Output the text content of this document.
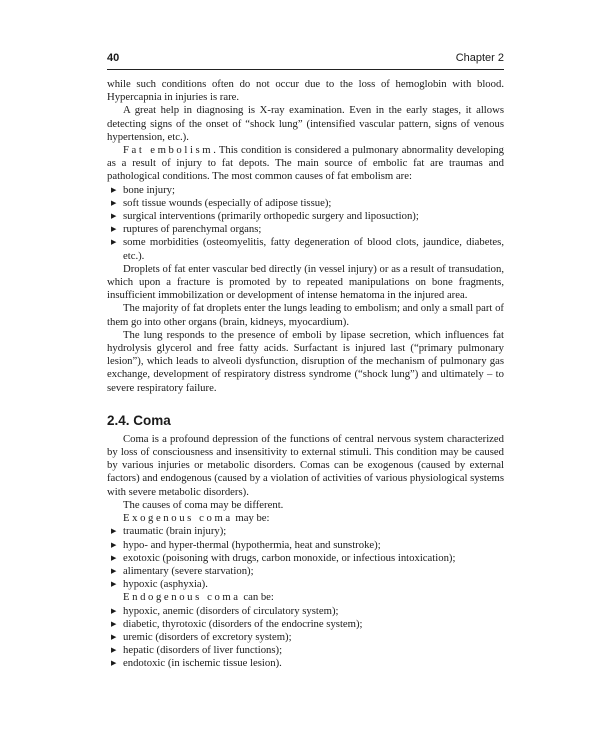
40	Chapter 2

while such conditions often do not occur due to the loss of hemoglobin with blood. Hypercapnia in injuries is rare.

A great help in diagnosing is X-ray examination. Even in the early stages, it allows detecting signs of the onset of “shock lung” (intensified vascular pattern, signs of venous hypertension, etc.).

Fat embolism. This condition is considered a pulmonary abnormality developing as a result of injury to fat depots. The main source of embolic fat are traumas and pathological conditions. The most common causes of fat embolism are:

▶ bone injury;
▶ soft tissue wounds (especially of adipose tissue);
▶ surgical interventions (primarily orthopedic surgery and liposuction);
▶ ruptures of parenchymal organs;
▶ some morbidities (osteomyelitis, fatty degeneration of blood clots, jaundice, diabetes, etc.).

Droplets of fat enter vascular bed directly (in vessel injury) or as a result of transudation, which upon a fracture is promoted by to repeated manipulations on bone fragments, insufficient immobilization or development of intense hematoma in the injured area.

The majority of fat droplets enter the lungs leading to embolism; and only a small part of them go into other organs (brain, kidneys, myocardium).

The lung responds to the presence of emboli by lipase secretion, which influences fat hydrolysis glycerol and free fatty acids. Surfactant is injured last (“primary pulmonary lesion”), which leads to alveoli dysfunction, disruption of the mechanism of pulmonary gas exchange, development of respiratory distress syndrome (“shock lung”) and ultimately – to severe respiratory failure.

2.4. Coma

Coma is a profound depression of the functions of central nervous system characterized by loss of consciousness and insensitivity to external stimuli. This condition may be caused by various injuries or metabolic disorders. Comas can be exogenous (caused by external factors) and endogenous (caused by a violation of activities of various physiological systems with severe metabolic disorders).

The causes of coma may be different.

Exogenous coma may be:

▶ traumatic (brain injury);
▶ hypo- and hyper-thermal (hypothermia, heat and sunstroke);
▶ exotoxic (poisoning with drugs, carbon monoxide, or infectious intoxication);
▶ alimentary (severe starvation);
▶ hypoxic (asphyxia).

Endogenous coma can be:

▶ hypoxic, anemic (disorders of circulatory system);
▶ diabetic, thyrotoxic (disorders of the endocrine system);
▶ uremic (disorders of excretory system);
▶ hepatic (disorders of liver functions);
▶ endotoxic (in ischemic tissue lesion).
